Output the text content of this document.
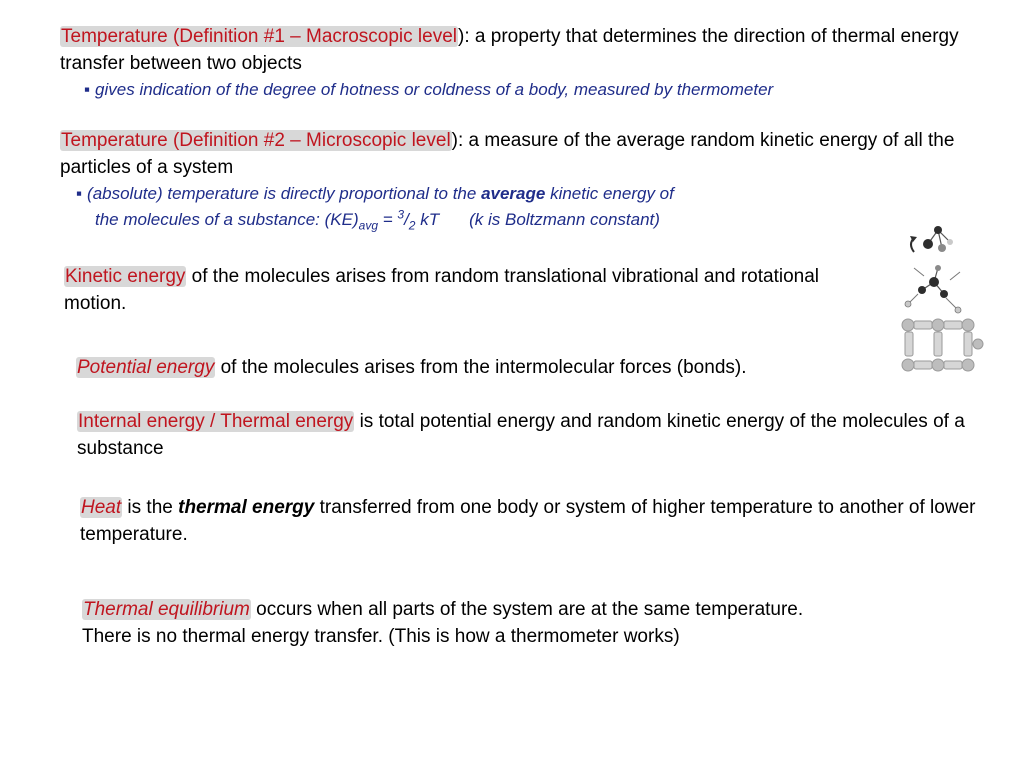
Temperature (Definition #1 – Macroscopic level): a property that determines the direction of thermal energy transfer between two objects

▪ gives indication of the degree of hotness or coldness of a body, measured by thermometer

Temperature (Definition #2 – Microscopic level): a measure of the average random kinetic energy of all the particles of a system

▪ (absolute) temperature is directly proportional to the average kinetic energy of

the molecules of a substance: $(KE)_{avg} = ^3/_2$ kT (k is Boltzmann constant)

Kinetic energy of the molecules arises from random translational vibrational and rotational motion.

Potential energy of the molecules arises from the intermolecular forces (bonds).

Internal energy / Thermal energy is total potential energy and random kinetic energy of the molecules of a substance

Heat is the thermal energy transferred from one body or system of higher temperature to another of lower temperature.

Thermal equilibrium occurs when all parts of the system are at the same temperature.
There is no thermal energy transfer. (This is how a thermometer works)
